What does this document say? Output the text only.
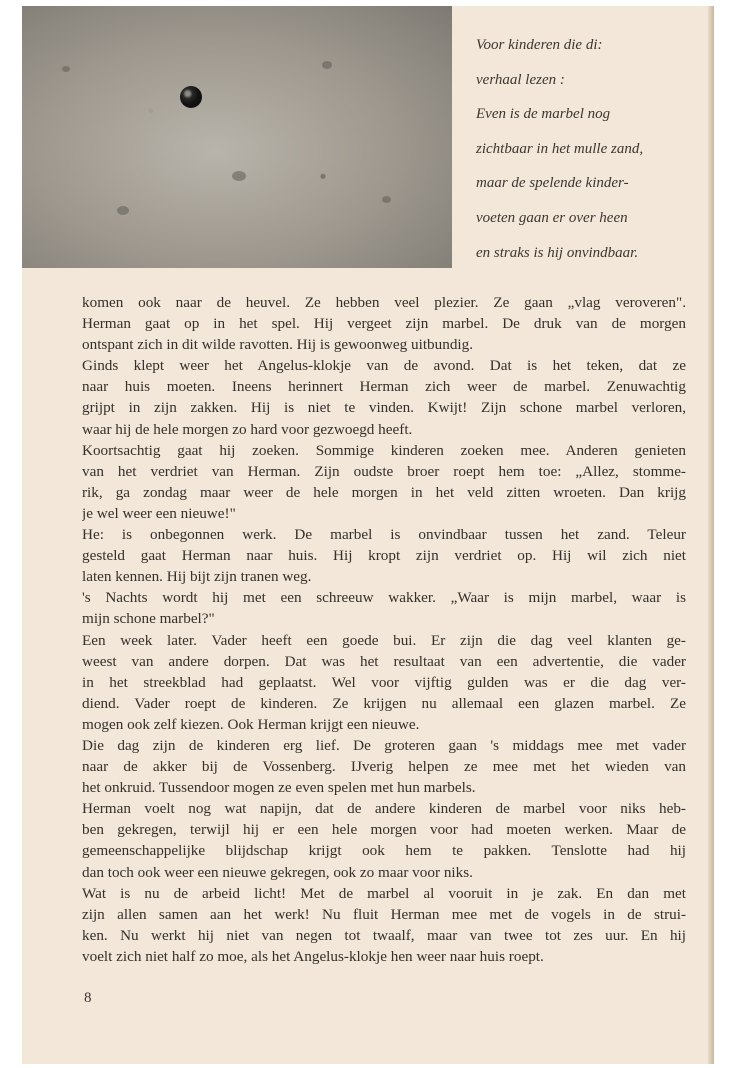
Voor kinderen die di:
verhaal lezen :
Even is de marbel nog
zichtbaar in het mulle zand,
maar de spelende kinder-
voeten gaan er over heen
en straks is hij onvindbaar.
komen ook naar de heuvel. Ze hebben veel plezier. Ze gaan „vlag veroveren".
Herman gaat op in het spel. Hij vergeet zijn marbel. De druk van de morgen
ontspant zich in dit wilde ravotten. Hij is gewoonweg uitbundig.
Ginds klept weer het Angelus-klokje van de avond. Dat is het teken, dat ze
naar huis moeten. Ineens herinnert Herman zich weer de marbel. Zenuwachtig
grijpt in zijn zakken. Hij is niet te vinden. Kwijt! Zijn schone marbel verloren,
waar hij de hele morgen zo hard voor gezwoegd heeft.
Koortsachtig gaat hij zoeken. Sommige kinderen zoeken mee. Anderen genieten
van het verdriet van Herman. Zijn oudste broer roept hem toe: „Allez, stomme-
rik, ga zondag maar weer de hele morgen in het veld zitten wroeten. Dan krijg
je wel weer een nieuwe!"
He: is onbegonnen werk. De marbel is onvindbaar tussen het zand. Teleur
gesteld gaat Herman naar huis. Hij kropt zijn verdriet op. Hij wil zich niet
laten kennen. Hij bijt zijn tranen weg.
's Nachts wordt hij met een schreeuw wakker. „Waar is mijn marbel, waar is
mijn schone marbel?"
Een week later. Vader heeft een goede bui. Er zijn die dag veel klanten ge-
weest van andere dorpen. Dat was het resultaat van een advertentie, die vader
in het streekblad had geplaatst. Wel voor vijftig gulden was er die dag ver-
diend. Vader roept de kinderen. Ze krijgen nu allemaal een glazen marbel. Ze
mogen ook zelf kiezen. Ook Herman krijgt een nieuwe.
Die dag zijn de kinderen erg lief. De groteren gaan 's middags mee met vader
naar de akker bij de Vossenberg. IJverig helpen ze mee met het wieden van
het onkruid. Tussendoor mogen ze even spelen met hun marbels.
Herman voelt nog wat napijn, dat de andere kinderen de marbel voor niks heb-
ben gekregen, terwijl hij er een hele morgen voor had moeten werken. Maar de
gemeenschappelijke blijdschap krijgt ook hem te pakken. Tenslotte had hij
dan toch ook weer een nieuwe gekregen, ook zo maar voor niks.
Wat is nu de arbeid licht! Met de marbel al vooruit in je zak. En dan met
zijn allen samen aan het werk! Nu fluit Herman mee met de vogels in de strui-
ken. Nu werkt hij niet van negen tot twaalf, maar van twee tot zes uur. En hij
voelt zich niet half zo moe, als het Angelus-klokje hen weer naar huis roept.
8
